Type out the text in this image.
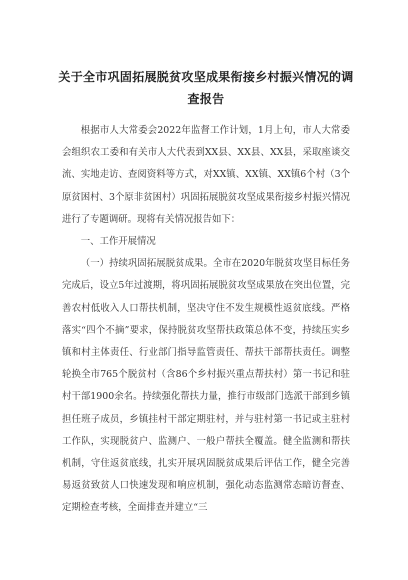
关于全市巩固拓展脱贫攻坚成果衔接乡村振兴情况的调查报告

根据市人大常委会2022年监督工作计划，1月上旬，市人大常委会组织农工委和有关市人大代表到XX县、XX县、XX县，采取座谈交流、实地走访、查阅资料等方式，对XX镇、XX镇、XX镇6个村（3个原贫困村、3个原非贫困村）巩固拓展脱贫攻坚成果衔接乡村振兴情况进行了专题调研。现将有关情况报告如下：

一、工作开展情况

（一）持续巩固拓展脱贫成果。全市在2020年脱贫攻坚目标任务完成后，设立5年过渡期，将巩固拓展脱贫攻坚成果放在突出位置，完善农村低收入人口帮扶机制，坚决守住不发生规模性返贫底线。严格落实“四个不摘”要求，保持脱贫攻坚帮扶政策总体不变，持续压实乡镇和村主体责任、行业部门指导监管责任、帮扶干部帮扶责任。调整轮换全市765个脱贫村（含86个乡村振兴重点帮扶村）第一书记和驻村干部1900余名。持续强化帮扶力量，推行市级部门选派干部到乡镇担任班子成员，乡镇挂村干部定期驻村，并与驻村第一书记或主驻村工作队，实现脱贫户、监测户、一般户帮扶全覆盖。健全监测和帮扶机制，守住返贫底线，扎实开展巩固脱贫成果后评估工作，健全完善易返贫致贫人口快速发现和响应机制，强化动态监测常态暗访督查、定期检查考核，全面排查并建立“三
